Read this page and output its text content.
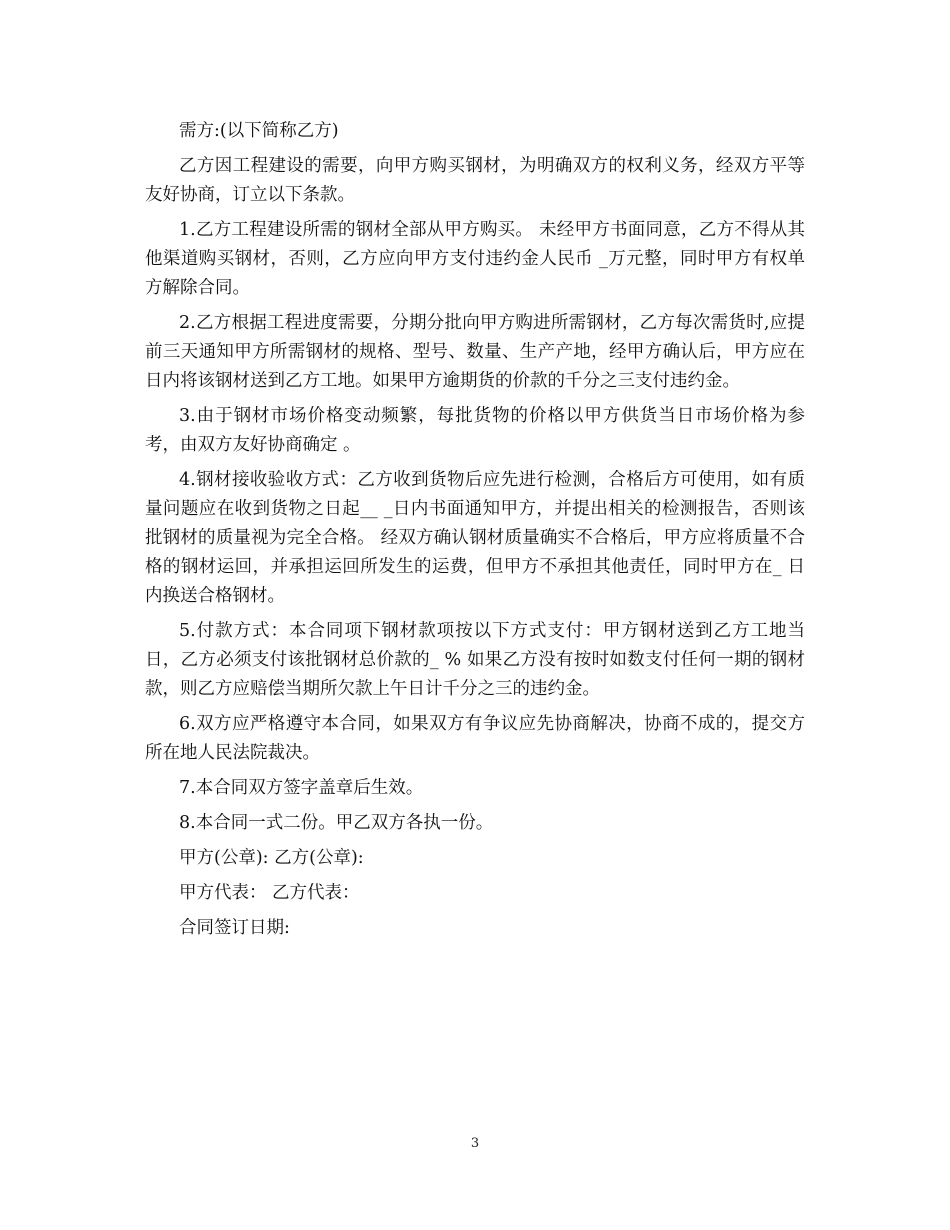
需方:(以下简称乙方)

乙方因工程建设的需要，向甲方购买钢材，为明确双方的权利义务，经双方平等友好协商，订立以下条款。

1.乙方工程建设所需的钢材全部从甲方购买。 未经甲方书面同意，乙方不得从其他渠道购买钢材，否则，乙方应向甲方支付违约金人民币 _万元整，同时甲方有权单方解除合同。

2.乙方根据工程进度需要，分期分批向甲方购进所需钢材，乙方每次需货时,应提前三天通知甲方所需钢材的规格、型号、数量、生产产地，经甲方确认后，甲方应在 日内将该钢材送到乙方工地。如果甲方逾期货的价款的千分之三支付违约金。

3.由于钢材市场价格变动频繁，每批货物的价格以甲方供货当日市场价格为参考，由双方友好协商确定 。

4.钢材接收验收方式：乙方收到货物后应先进行检测，合格后方可使用，如有质量问题应在收到货物之日起__ _日内书面通知甲方，并提出相关的检测报告，否则该批钢材的质量视为完全合格。 经双方确认钢材质量确实不合格后，甲方应将质量不合格的钢材运回，并承担运回所发生的运费，但甲方不承担其他责任，同时甲方在_ 日内换送合格钢材。

5.付款方式：本合同项下钢材款项按以下方式支付：甲方钢材送到乙方工地当日，乙方必须支付该批钢材总价款的_ % 如果乙方没有按时如数支付任何一期的钢材款，则乙方应赔偿当期所欠款上午日计千分之三的违约金。

6.双方应严格遵守本合同，如果双方有争议应先协商解决，协商不成的，提交方所在地人民法院裁决。

7.本合同双方签字盖章后生效。

8.本合同一式二份。甲乙双方各执一份。

甲方(公章): 乙方(公章):

甲方代表： 乙方代表：

合同签订日期:

3
